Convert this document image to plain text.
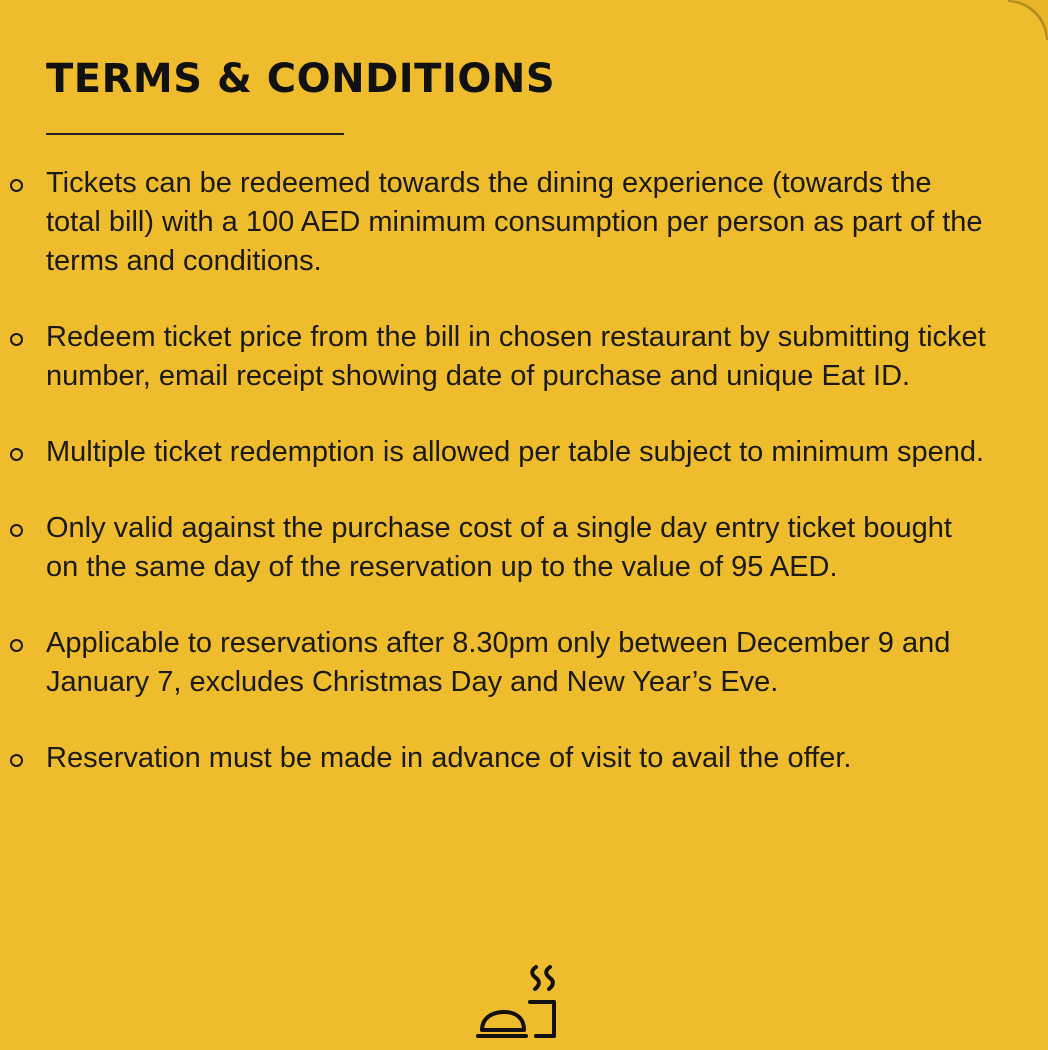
TERMS & CONDITIONS
Tickets can be redeemed towards the dining experience (towards the total bill) with a 100 AED minimum consumption per person as part of the terms and conditions.
Redeem ticket price from the bill in chosen restaurant by submitting ticket number, email receipt showing date of purchase and unique Eat ID.
Multiple ticket redemption is allowed per table subject to minimum spend.
Only valid against the purchase cost of a single day entry ticket bought on the same day of the reservation up to the value of 95 AED.
Applicable to reservations after 8.30pm only between December 9 and January 7, excludes Christmas Day and New Year’s Eve.
Reservation must be made in advance of visit to avail the offer.
